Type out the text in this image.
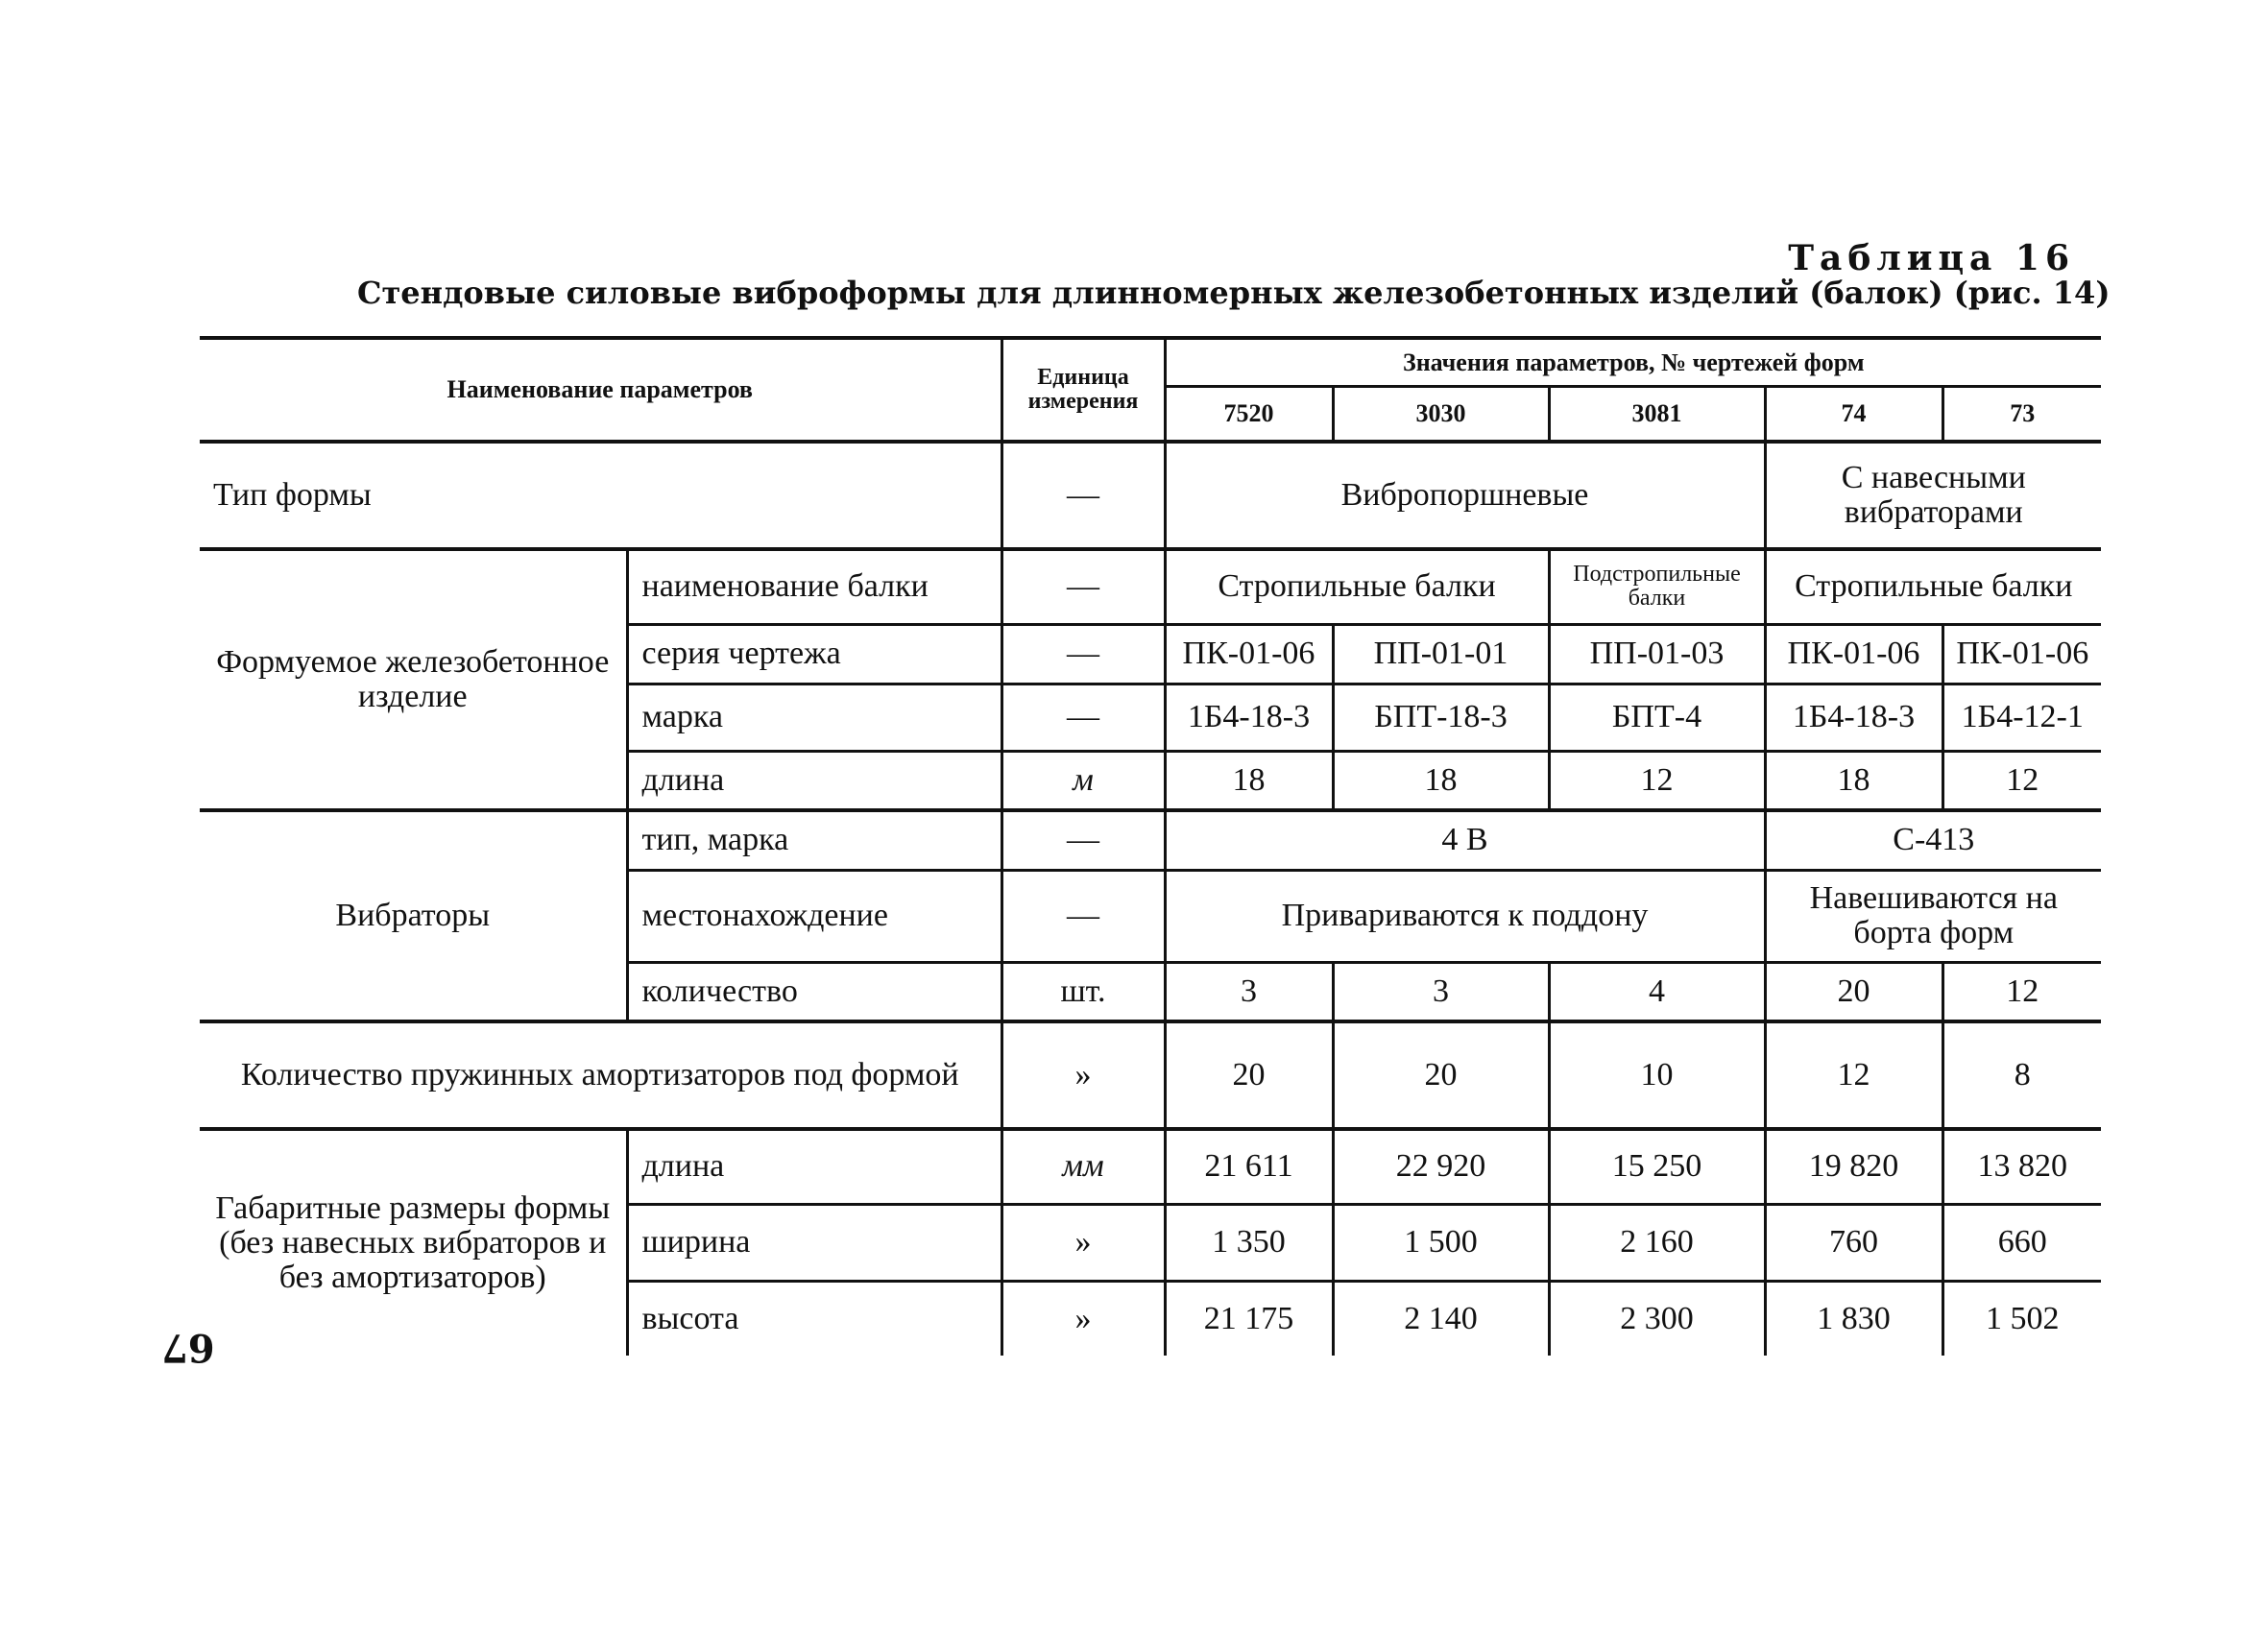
Таблица 16
Стендовые силовые виброформы для длинномерных железобетонных изделий (балок) (рис. 14)
67
Наименование параметров		Единица измерения	Значения параметров, № чертежей форм				
			7520	3030	3081	74	73
Тип формы		—	Вибропоршневые			С навесными вибраторами	
Формуемое железобетонное изделие	наименование балки	—	Стропильные балки		Подстропильные балки	Стропильные балки	
	серия чертежа	—	ПК-01-06	ПП-01-01	ПП-01-03	ПК-01-06	ПК-01-06
	марка	—	1Б4-18-3	БПТ-18-3	БПТ-4	1Б4-18-3	1Б4-12-1
	длина	м	18	18	12	18	12
Вибраторы	тип, марка	—	4 В			С-413	
	местонахождение	—	Привариваются к поддону			Навешиваются на борта форм	
	количество	шт.	3	3	4	20	12
Количество пружинных амортизаторов под формой		»	20	20	10	12	8
Габаритные размеры формы (без навесных вибраторов и без амортизаторов)	длина	мм	21 611	22 920	15 250	19 820	13 820
	ширина	»	1 350	1 500	2 160	760	660
	высота	»	21 175	2 140	2 300	1 830	1 502
